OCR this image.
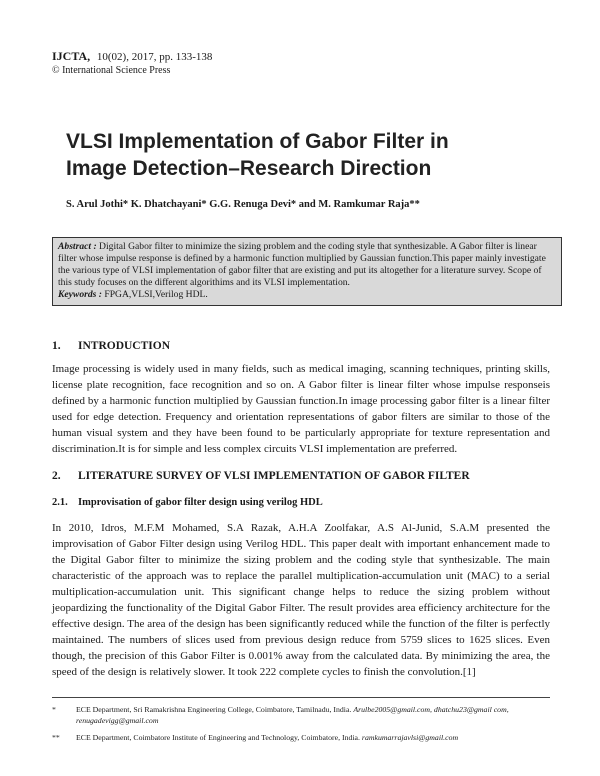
IJCTA, 10(02), 2017, pp. 133-138
© International Science Press
VLSI Implementation of Gabor Filter in
Image Detection–Research Direction
S. Arul Jothi* K. Dhatchayani* G.G. Renuga Devi* and M. Ramkumar Raja**
Abstract : Digital Gabor filter to minimize the sizing problem and the coding style that synthesizable. A Gabor filter is linear filter whose impulse response is defined by a harmonic function multiplied by Gaussian function.This paper mainly investigate the various type of VLSI implementation of gabor filter that are existing and put its altogether for a literature survey. Scope of this study focuses on the different algorithims and its VLSI implementation.
Keywords : FPGA,VLSI,Verilog HDL.
1. INTRODUCTION
Image processing is widely used in many fields, such as medical imaging, scanning techniques, printing skills, license plate recognition, face recognition and so on. A Gabor filter is linear filter whose impulse responseis defined by a harmonic function multiplied by Gaussian function.In image processing gabor filter is a linear filter used for edge detection. Frequency and orientation representations of gabor filters are similar to those of the human visual system and they have been found to be particularly appropriate for texture representation and discrimination.It is for simple and less complex circuits VLSI implementation are preferred.
2. LITERATURE SURVEY OF VLSI IMPLEMENTATION OF GABOR FILTER
2.1. Improvisation of gabor filter design using verilog HDL
In 2010, Idros, M.F.M Mohamed, S.A Razak, A.H.A Zoolfakar, A.S Al-Junid, S.A.M presented the improvisation of Gabor Filter design using Verilog HDL. This paper dealt with important enhancement made to the Digital Gabor filter to minimize the sizing problem and the coding style that synthesizable. The main characteristic of the approach was to replace the parallel multiplication-accumulation unit (MAC) to a serial multiplication-accumulation unit. This significant change helps to reduce the sizing problem without jeopardizing the functionality of the Digital Gabor Filter. The result provides area efficiency architecture for the effective design. The area of the design has been significantly reduced while the function of the filter is perfectly maintained. The numbers of slices used from previous design reduce from 5759 slices to 1625 slices. Even though, the precision of this Gabor Filter is 0.001% away from the calculated data. By minimizing the area, the speed of the design is relatively slower. It took 222 complete cycles to finish the convolution.[1]
*	ECE Department, Sri Ramakrishna Engineering College, Coimbatore, Tamilnadu, India. Arulbe2005@gmail.com, dhatchu23@gmail com, renugadevigg@gmail.com
**	ECE Department, Coimbatore Institute of Engineering and Technology, Coimbatore, India. ramkumarrajavlsi@gmail.com
